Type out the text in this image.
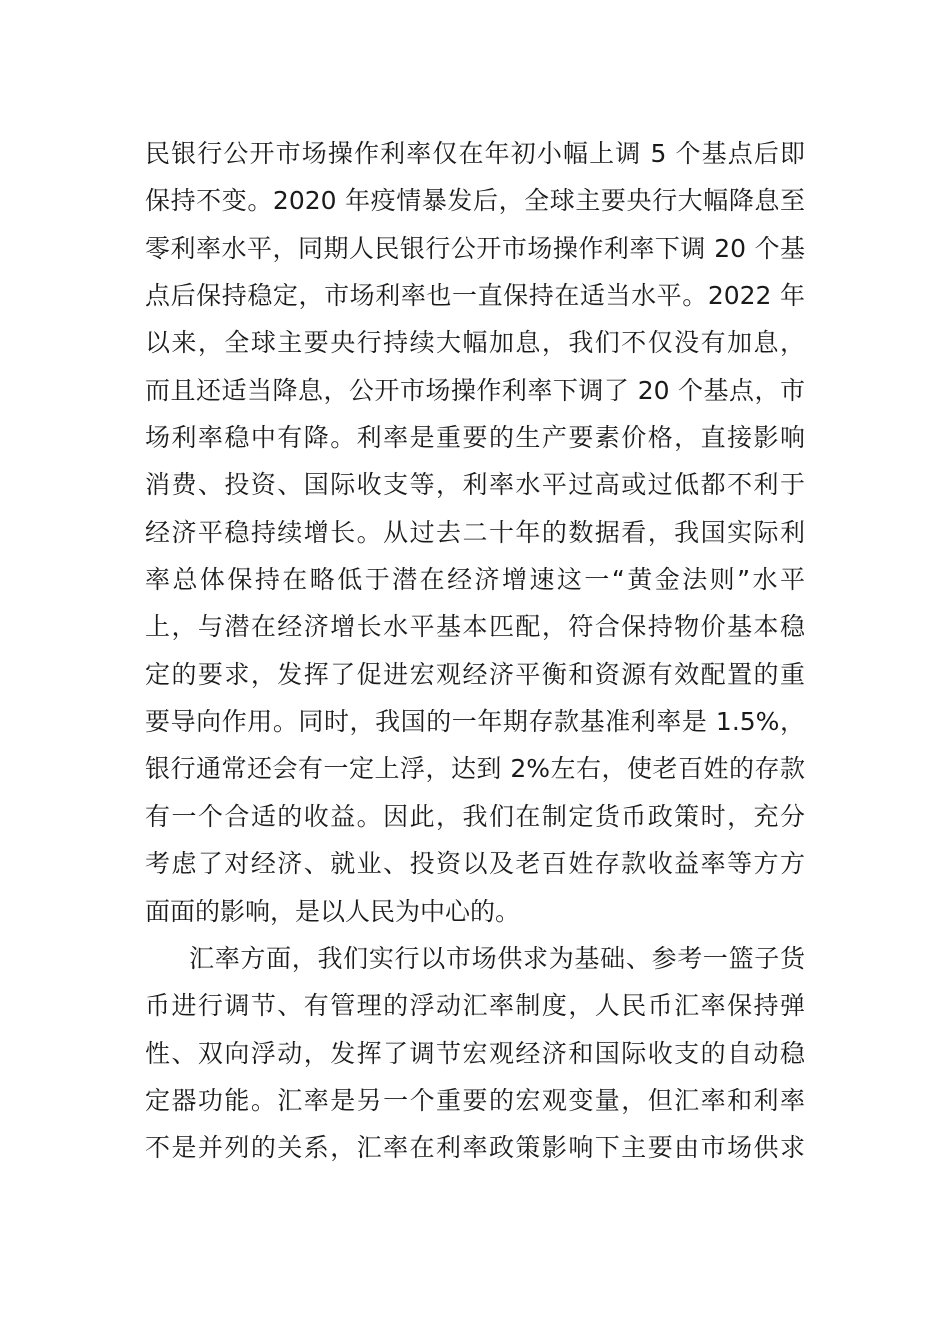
民银行公开市场操作利率仅在年初小幅上调 5 个基点后即
保持不变。2020 年疫情暴发后，全球主要央行大幅降息至
零利率水平，同期人民银行公开市场操作利率下调 20 个基
点后保持稳定，市场利率也一直保持在适当水平。2022 年
以来，全球主要央行持续大幅加息，我们不仅没有加息，
而且还适当降息，公开市场操作利率下调了 20 个基点，市
场利率稳中有降。利率是重要的生产要素价格，直接影响
消费、投资、国际收支等，利率水平过高或过低都不利于
经济平稳持续增长。从过去二十年的数据看，我国实际利
率总体保持在略低于潜在经济增速这一“黄金法则”水平
上，与潜在经济增长水平基本匹配，符合保持物价基本稳
定的要求，发挥了促进宏观经济平衡和资源有效配置的重
要导向作用。同时，我国的一年期存款基准利率是 1.5%，
银行通常还会有一定上浮，达到 2%左右，使老百姓的存款
有一个合适的收益。因此，我们在制定货币政策时，充分
考虑了对经济、就业、投资以及老百姓存款收益率等方方
面面的影响，是以人民为中心的。
汇率方面，我们实行以市场供求为基础、参考一篮子货
币进行调节、有管理的浮动汇率制度，人民币汇率保持弹
性、双向浮动，发挥了调节宏观经济和国际收支的自动稳
定器功能。汇率是另一个重要的宏观变量，但汇率和利率
不是并列的关系，汇率在利率政策影响下主要由市场供求
